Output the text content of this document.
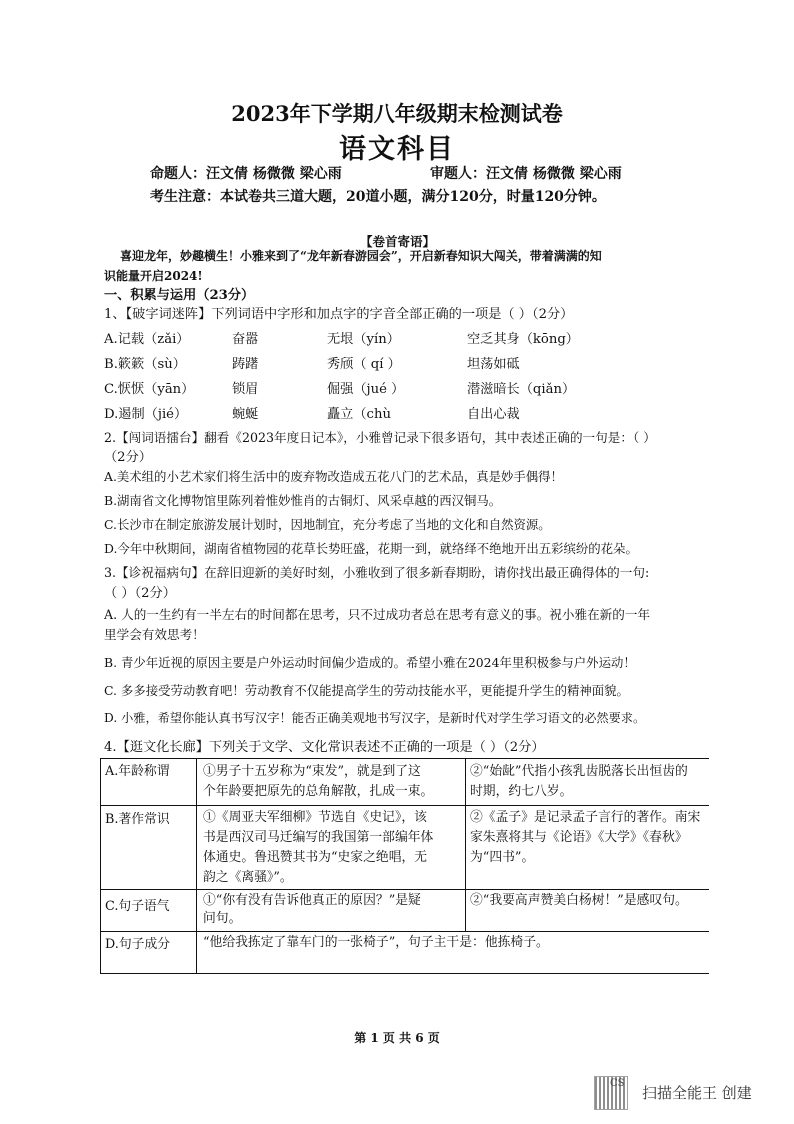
2023年下学期八年级期末检测试卷
语文科目
命题人：汪文倩 杨微微 梁心雨	审题人：汪文倩 杨微微 梁心雨
考生注意：本试卷共三道大题，20道小题，满分120分，时量120分钟。
【卷首寄语】
喜迎龙年，妙趣横生！小雅来到了“龙年新春游园会”，开启新春知识大闯关，带着满满的知
识能量开启2024!
一、积累与运用（23分）
1、【破字词迷阵】下列词语中字形和加点字的字音全部正确的一项是（ ）（2分）
A.记载（zǎi）	奋嚣	无垠（yín）	空乏其身（kōng）
B.簌簌（sù）	踌躇	秀颀（ qí ）	坦荡如砥
C.恹恹（yān）	锁眉	倔强（jué ）	潜滋暗长（qiǎn）
D.遏制（jié）	蜿蜒	矗立（chù	自出心裁
2.【闯词语擂台】翻看《2023年度日记本》，小雅曾记录下很多语句，其中表述正确的一句是：（ ）
（2分）
A.美术组的小艺术家们将生活中的废弃物改造成五花八门的艺术品，真是妙手偶得！
B.湖南省文化博物馆里陈列着惟妙惟肖的古铜灯、风采卓越的西汉铜马。
C.长沙市在制定旅游发展计划时，因地制宜，充分考虑了当地的文化和自然资源。
D.今年中秋期间，湖南省植物园的花草长势旺盛，花期一到，就络绎不绝地开出五彩缤纷的花朵。
3.【诊祝福病句】在辞旧迎新的美好时刻，小雅收到了很多新春期盼，请你找出最正确得体的一句:
（ ）（2分）
A. 人的一生约有一半左右的时间都在思考，只不过成功者总在思考有意义的事。祝小雅在新的一年
里学会有效思考！
B. 青少年近视的原因主要是户外运动时间偏少造成的。希望小雅在2024年里积极参与户外运动！
C. 多多接受劳动教育吧！劳动教育不仅能提高学生的劳动技能水平，更能提升学生的精神面貌。
D. 小雅，希望你能认真书写汉字！能否正确美观地书写汉字，是新时代对学生学习语文的必然要求。
4.【逛文化长廊】下列关于文学、文化常识表述不正确的一项是（ ）（2分）
A.年龄称谓	①男子十五岁称为“束发”，就是到了这
个年龄要把原先的总角解散，扎成一束。
②“始龀”代指小孩乳齿脱落长出恒齿的
时期，约七八岁。
B.著作常识	①《周亚夫军细柳》节选自《史记》，该
书是西汉司马迁编写的我国第一部编年体
体通史。鲁迅赞其书为“史家之绝唱，无
韵之《离骚》”。
②《孟子》是记录孟子言行的著作。南宋
家朱熹将其与《论语》《大学》《春秋》
为“四书”。
C.句子语气	①“你有没有告诉他真正的原因？”是疑
问句。
②“我要高声赞美白杨树！”是感叹句。
D.句子成分	“他给我拣定了靠车门的一张椅子”，句子主干是：他拣椅子。
第 1 页 共 6 页
CS
扫描全能王 创建
